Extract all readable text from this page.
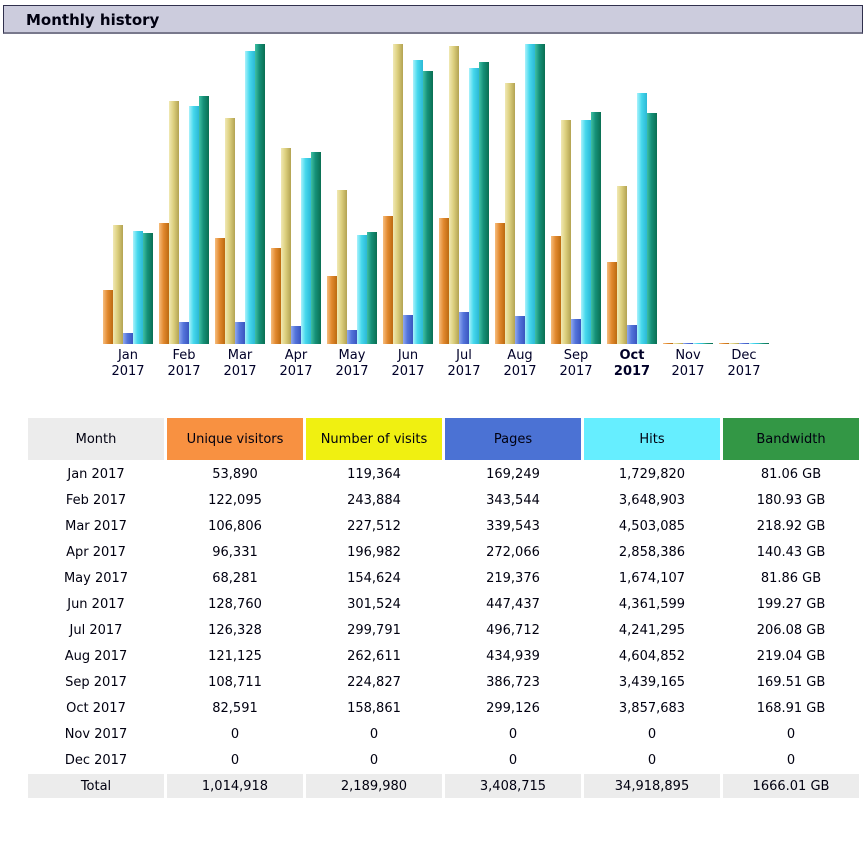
Monthly history
Jan
2017
Feb
2017
Mar
2017
Apr
2017
May
2017
Jun
2017
Jul
2017
Aug
2017
Sep
2017
Oct
2017
Nov
2017
Dec
2017
Month	Unique visitors	Number of visits	Pages	Hits	Bandwidth
Jan 2017	53,890	119,364	169,249	1,729,820	81.06 GB
Feb 2017	122,095	243,884	343,544	3,648,903	180.93 GB
Mar 2017	106,806	227,512	339,543	4,503,085	218.92 GB
Apr 2017	96,331	196,982	272,066	2,858,386	140.43 GB
May 2017	68,281	154,624	219,376	1,674,107	81.86 GB
Jun 2017	128,760	301,524	447,437	4,361,599	199.27 GB
Jul 2017	126,328	299,791	496,712	4,241,295	206.08 GB
Aug 2017	121,125	262,611	434,939	4,604,852	219.04 GB
Sep 2017	108,711	224,827	386,723	3,439,165	169.51 GB
Oct 2017	82,591	158,861	299,126	3,857,683	168.91 GB
Nov 2017	0	0	0	0	0
Dec 2017	0	0	0	0	0
Total	1,014,918	2,189,980	3,408,715	34,918,895	1666.01 GB
